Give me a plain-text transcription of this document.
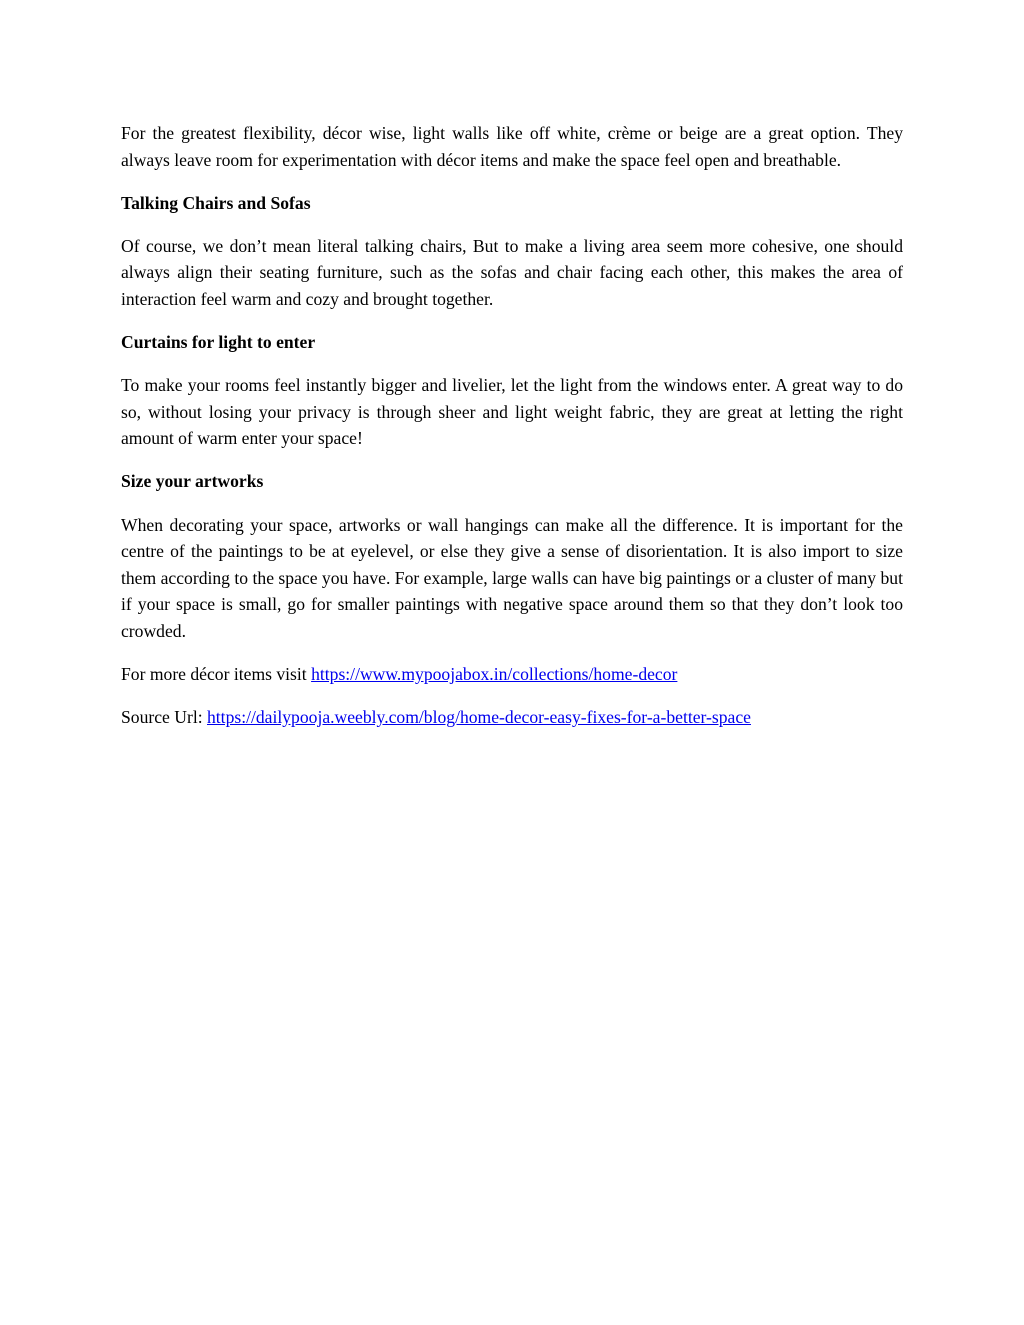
For the greatest flexibility, décor wise, light walls like off white, crème or beige are a great option. They always leave room for experimentation with décor items and make the space feel open and breathable.

Talking Chairs and Sofas

Of course, we don’t mean literal talking chairs, But to make a living area seem more cohesive, one should always align their seating furniture, such as the sofas and chair facing each other, this makes the area of interaction feel warm and cozy and brought together.

Curtains for light to enter

To make your rooms feel instantly bigger and livelier, let the light from the windows enter. A great way to do so, without losing your privacy is through sheer and light weight fabric, they are great at letting the right amount of warm enter your space!

Size your artworks

When decorating your space, artworks or wall hangings can make all the difference. It is important for the centre of the paintings to be at eyelevel, or else they give a sense of disorientation. It is also import to size them according to the space you have. For example, large walls can have big paintings or a cluster of many but if your space is small, go for smaller paintings with negative space around them so that they don’t look too crowded.

For more décor items visit https://www.mypoojabox.in/collections/home-decor
Source Url: https://dailypooja.weebly.com/blog/home-decor-easy-fixes-for-a-better-space
